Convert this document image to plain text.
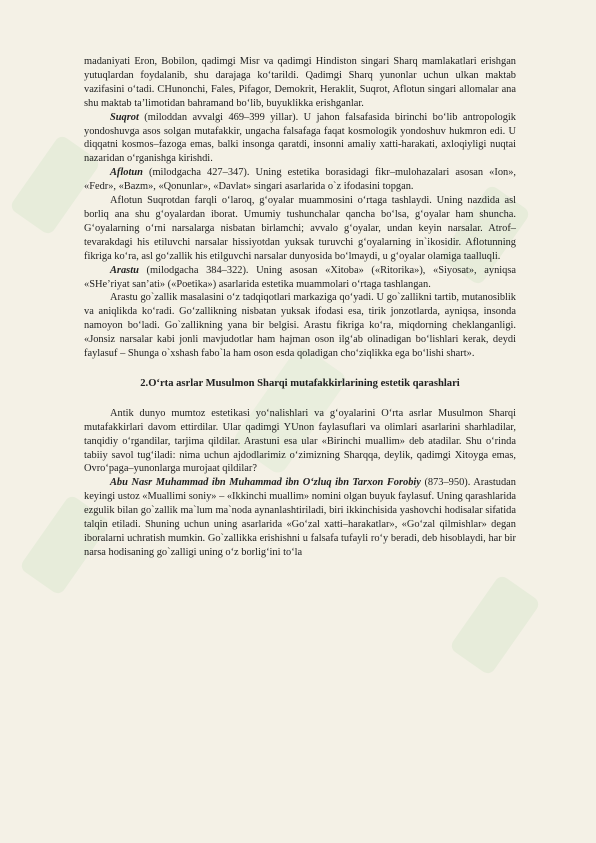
madaniyati Eron, Bobilon, qadimgi Misr va qadimgi Hindiston singari Sharq mamlakatlari erishgan yutuqlardan foydalanib, shu darajaga ko‘tarildi. Qadimgi Sharq yunonlar uchun ulkan maktab vazifasini o‘tadi. CHunonchi, Fales, Pifagor, Demokrit, Heraklit, Suqrot, Aflotun singari allomalar ana shu maktab ta’limotidan bahramand bo‘lib, buyuklikka erishganlar.

Suqrot (miloddan avvalgi 469–399 yillar). U jahon falsafasida birinchi bo‘lib antropologik yondoshuvga asos solgan mutafakkir, ungacha falsafaga faqat kosmologik yondoshuv hukmron edi. U diqqatni kosmos–fazoga emas, balki insonga qaratdi, insonni amaliy xatti-harakati, axloqiyligi nuqtai nazaridan o‘rganishga kirishdi.

Aflotun (milodgacha 427–347). Uning estetika borasidagi fikr–mulohazalari asosan «Ion», «Fedr», «Bazm», «Qonunlar», «Davlat» singari asarlarida o`z ifodasini topgan.

Aflotun Suqrotdan farqli o‘laroq, g‘oyalar muammosini o‘rtaga tashlaydi. Uning nazdida asl borliq ana shu g‘oyalardan iborat. Umumiy tushunchalar qancha bo‘lsa, g‘oyalar ham shuncha. G‘oyalarning o‘rni narsalarga nisbatan birlamchi; avvalo g‘oyalar, undan keyin narsalar. Atrof–tevarakdagi his etiluvchi narsalar hissiyotdan yuksak turuvchi g‘oyalarning in`ikosidir. Aflotunning fikriga ko‘ra, asl go‘zallik his etilguvchi narsalar dunyosida bo‘lmaydi, u g‘oyalar olamiga taalluqli.

Arastu (milodgacha 384–322). Uning asosan «Xitoba» («Ritorika»), «Siyosat», ayniqsa «SHe’riyat san’ati» («Poetika») asarlarida estetika muammolari o‘rtaga tashlangan.

Arastu go`zallik masalasini o‘z tadqiqotlari markaziga qo‘yadi. U go`zallikni tartib, mutanosiblik va aniqlikda ko‘radi. Go‘zallikning nisbatan yuksak ifodasi esa, tirik jonzotlarda, ayniqsa, insonda namoyon bo‘ladi. Go`zallikning yana bir belgisi. Arastu fikriga ko‘ra, miqdorning cheklanganligi. «Jonsiz narsalar kabi jonli mavjudotlar ham hajman oson ilg‘ab olinadigan bo‘lishlari kerak, deydi faylasuf – Shunga o`xshash fabo`la ham oson esda qoladigan cho‘ziqlikka ega bo‘lishi shart».

2.O‘rta asrlar Musulmon Sharqi mutafakkirlarining estetik qarashlari

Antik dunyo mumtoz estetikasi yo‘nalishlari va g‘oyalarini O‘rta asrlar Musulmon Sharqi mutafakkirlari davom ettirdilar. Ular qadimgi YUnon faylasuflari va olimlari asarlarini sharhladilar, tanqidiy o‘rgandilar, tarjima qildilar. Arastuni esa ular «Birinchi muallim» deb atadilar. Shu o‘rinda tabiiy savol tug‘iladi: nima uchun ajdodlarimiz o‘zimizning Sharqqa, deylik, qadimgi Xitoyga emas, Ovro‘paga–yunonlarga murojaat qildilar?

Abu Nasr Muhammad ibn Muhammad ibn O‘zluq ibn Tarxon Forobiy (873–950). Arastudan keyingi ustoz «Muallimi soniy» – «Ikkinchi muallim» nomini olgan buyuk faylasuf. Uning qarashlarida ezgulik bilan go`zallik ma`lum ma`noda aynanlashtiriladi, biri ikkinchisida yashovchi hodisalar sifatida talqin etiladi. Shuning uchun uning asarlarida «Go‘zal xatti–harakatlar», «Go‘zal qilmishlar» degan iboralarni uchratish mumkin. Go`zallikka erishishni u falsafa tufayli ro‘y beradi, deb hisoblaydi, har bir narsa hodisaning go`zalligi uning o‘z borlig‘ini to‘la
